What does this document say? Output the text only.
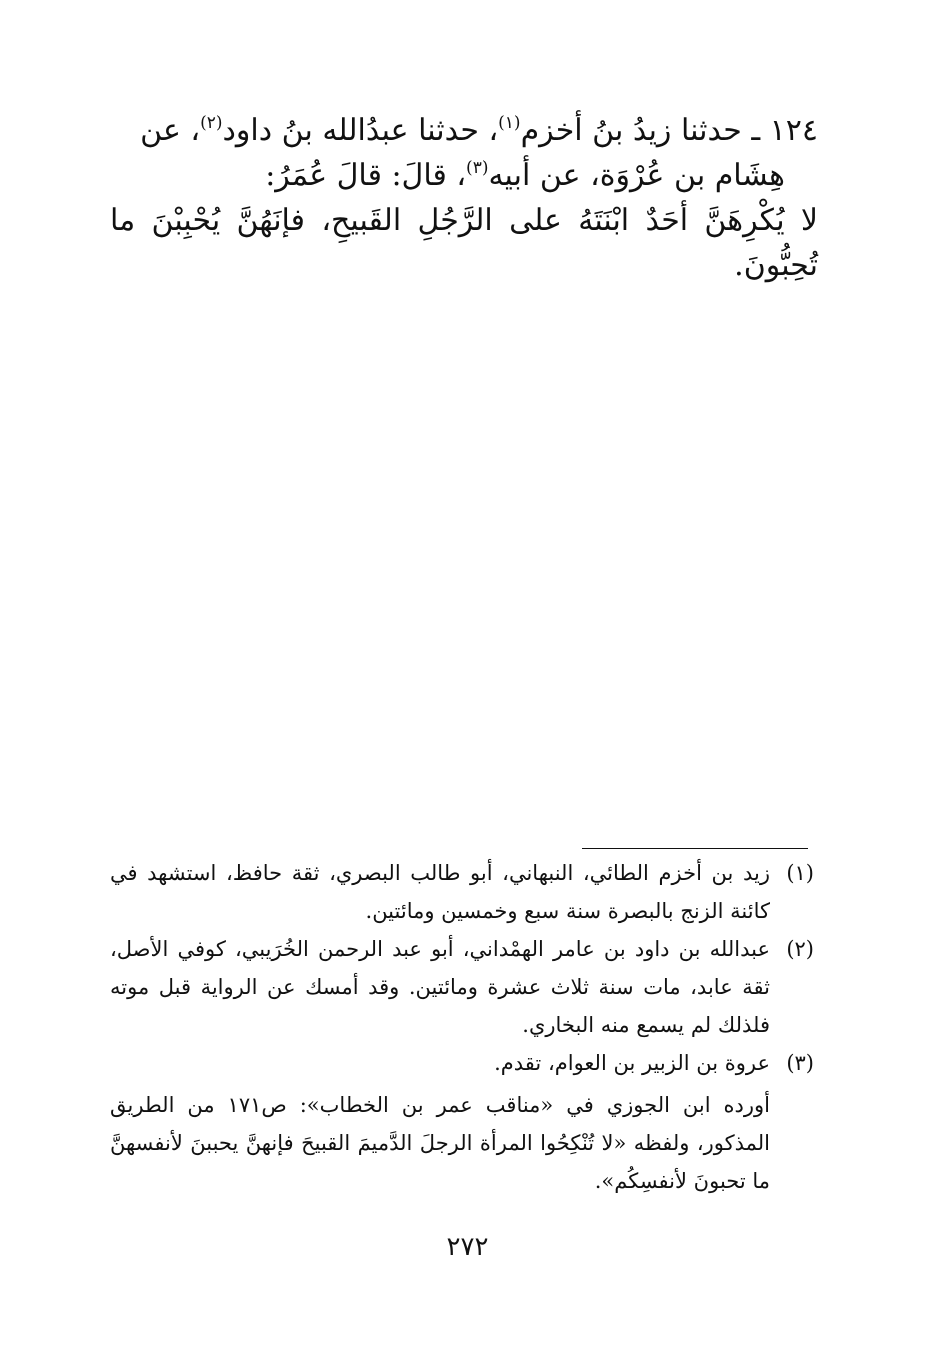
١٢٤ ـ حدثنا زيدُ بنُ أخزم$^{(١)}$، حدثنا عبدُالله بنُ داود$^{(٢)}$، عن

هِشَام بن عُرْوَة، عن أبيه$^{(٣)}$، قالَ: قالَ عُمَرُ:

لا يُكْرِهَنَّ أحَدٌ ابْنَتَهُ على الرَّجُلِ القَبيحِ، فإنَهُنَّ يُحْبِبْنَ ما تُحِبُّونَ.

(١)
زيد بن أخزم الطائي، النبهاني، أبو طالب البصري، ثقة حافظ، استشهد في كائنة الزنج بالبصرة سنة سبع وخمسين ومائتين.
(٢)
عبدالله بن داود بن عامر الهمْداني، أبو عبد الرحمن الخُرَيبي، كوفي الأصل، ثقة عابد، مات سنة ثلاث عشرة ومائتين. وقد أمسك عن الرواية قبل موته فلذلك لم يسمع منه البخاري.
(٣)
عروة بن الزبير بن العوام، تقدم.
أورده ابن الجوزي في «مناقب عمر بن الخطاب»: ص١٧١ من الطريق المذكور، ولفظه «لا تُنْكِحُوا المرأة الرجلَ الدَّميمَ القبيحَ فإنهنَّ يحببنَ لأنفسهنَّ ما تحبونَ لأنفسِكُم».
٢٧٢
